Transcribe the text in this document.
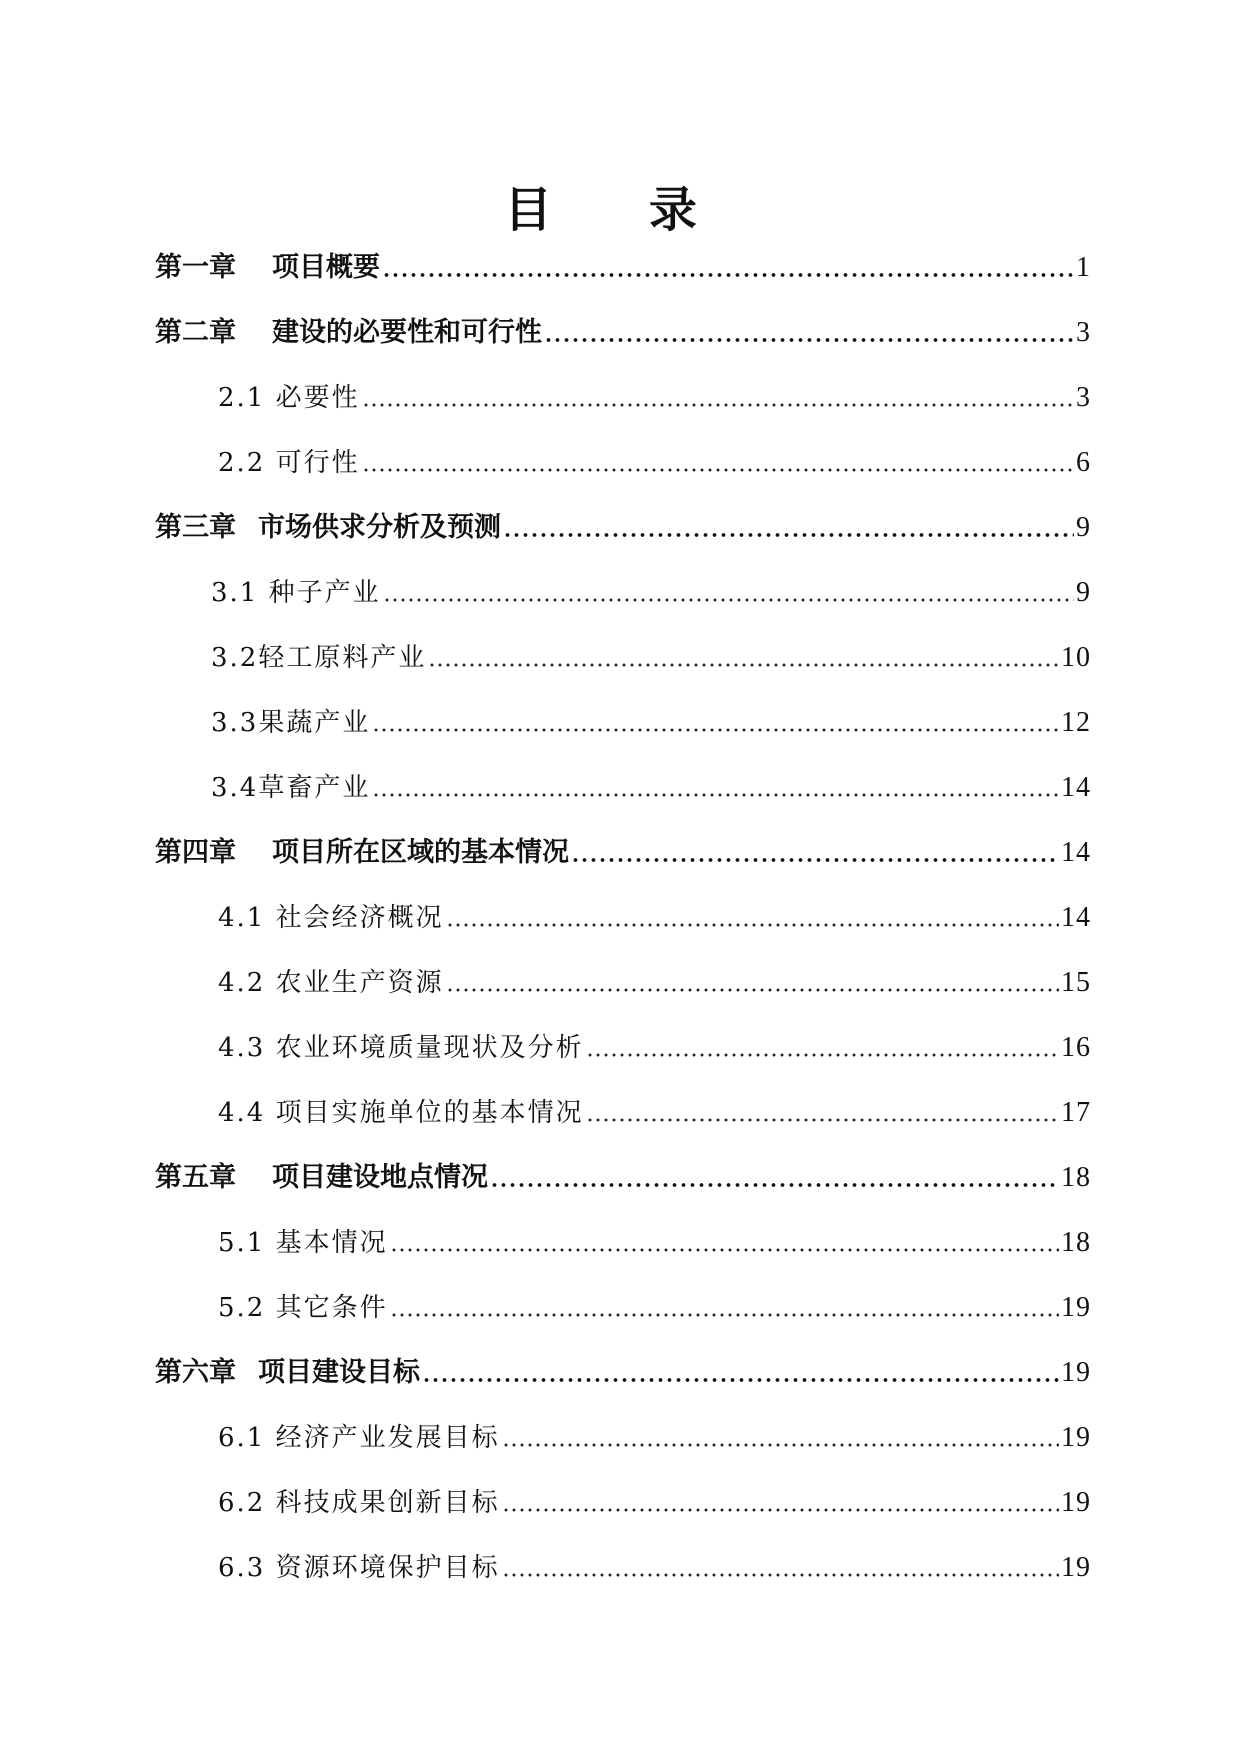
目 录
第一章 项目概要	1
第二章 建设的必要性和可行性	3
2.1 必要性	3
2.2 可行性	6
第三章 市场供求分析及预测	9
3.1 种子产业	9
3.2轻工原料产业	10
3.3果蔬产业	12
3.4草畜产业	14
第四章 项目所在区域的基本情况	14
4.1 社会经济概况	14
4.2 农业生产资源	15
4.3 农业环境质量现状及分析	16
4.4 项目实施单位的基本情况	17
第五章 项目建设地点情况	18
5.1 基本情况	18
5.2 其它条件	19
第六章 项目建设目标	19
6.1 经济产业发展目标	19
6.2 科技成果创新目标	19
6.3 资源环境保护目标	19
